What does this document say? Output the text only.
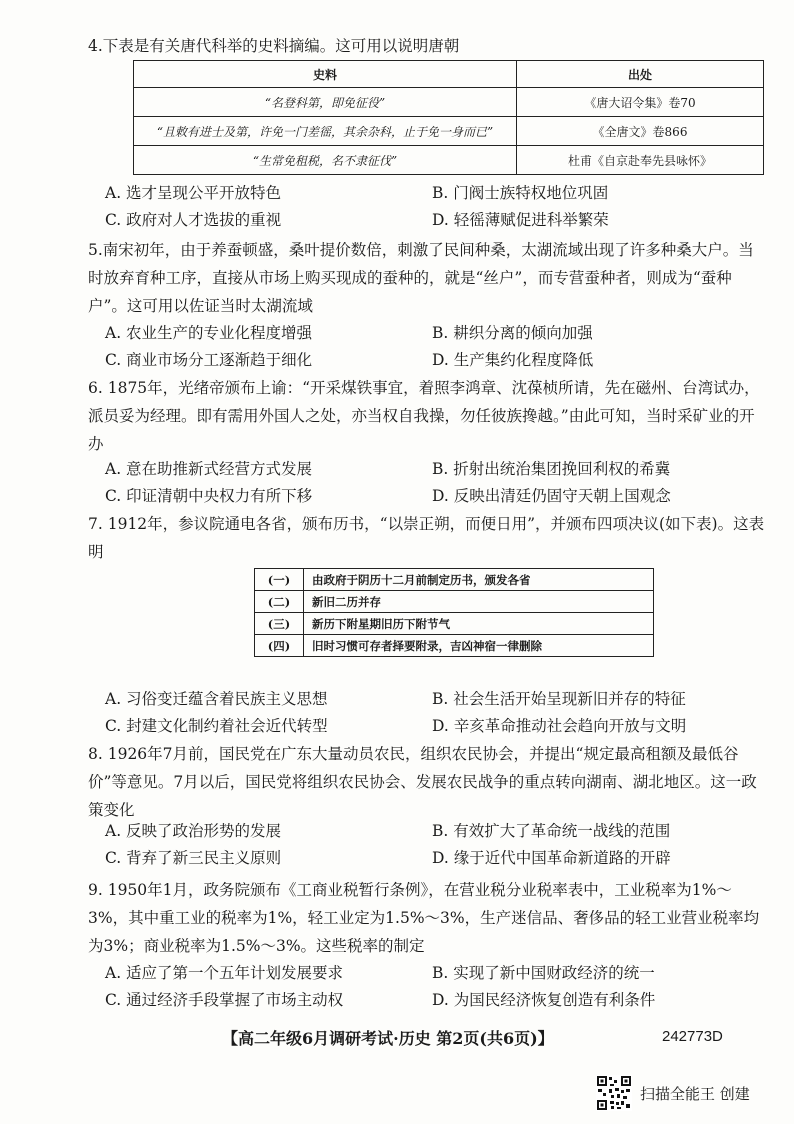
4.下表是有关唐代科举的史料摘编。这可用以说明唐朝

史料	出处
“名登科第，即免征役”	《唐大诏令集》卷70
“且敕有进士及第，许免一门差徭，其余杂科，止于免一身而已”	《全唐文》卷866
“生常免租税，名不隶征伐”	杜甫《自京赴奉先县咏怀》
A. 选才呈现公平开放特色	B. 门阀士族特权地位巩固
C. 政府对人才选拔的重视	D. 轻徭薄赋促进科举繁荣

5.南宋初年，由于养蚕顿盛，桑叶提价数倍，刺激了民间种桑，太湖流域出现了许多种桑大户。当时放弃育种工序，直接从市场上购买现成的蚕种的，就是“丝户”，而专营蚕种者，则成为“蚕种户”。这可用以佐证当时太湖流域

A. 农业生产的专业化程度增强	B. 耕织分离的倾向加强
C. 商业市场分工逐渐趋于细化	D. 生产集约化程度降低

6. 1875年，光绪帝颁布上谕：“开采煤铁事宜，着照李鸿章、沈葆桢所请，先在磁州、台湾试办，派员妥为经理。即有需用外国人之处，亦当权自我操，勿任彼族搀越。”由此可知，当时采矿业的开办

A. 意在助推新式经营方式发展	B. 折射出统治集团挽回利权的希冀
C. 印证清朝中央权力有所下移	D. 反映出清廷仍固守天朝上国观念

7. 1912年，参议院通电各省，颁布历书，“以崇正朔，而便日用”，并颁布四项决议(如下表)。这表明

(一)	由政府于阴历十二月前制定历书，颁发各省
(二)	新旧二历并存
(三)	新历下附星期旧历下附节气
(四)	旧时习惯可存者择要附录，吉凶神宿一律删除
A. 习俗变迁蕴含着民族主义思想	B. 社会生活开始呈现新旧并存的特征
C. 封建文化制约着社会近代转型	D. 辛亥革命推动社会趋向开放与文明

8. 1926年7月前，国民党在广东大量动员农民，组织农民协会，并提出“规定最高租额及最低谷价”等意见。7月以后，国民党将组织农民协会、发展农民战争的重点转向湖南、湖北地区。这一政策变化

A. 反映了政治形势的发展	B. 有效扩大了革命统一战线的范围
C. 背弃了新三民主义原则	D. 缘于近代中国革命新道路的开辟

9. 1950年1月，政务院颁布《工商业税暂行条例》，在营业税分业税率表中，工业税率为1%～3%，其中重工业的税率为1%，轻工业定为1.5%～3%，生产迷信品、奢侈品的轻工业营业税率均为3%；商业税率为1.5%～3%。这些税率的制定

A. 适应了第一个五年计划发展要求	B. 实现了新中国财政经济的统一
C. 通过经济手段掌握了市场主动权	D. 为国民经济恢复创造有利条件
【高二年级6月调研考试·历史 第2页(共6页)】	242773D
扫描全能王 创建
